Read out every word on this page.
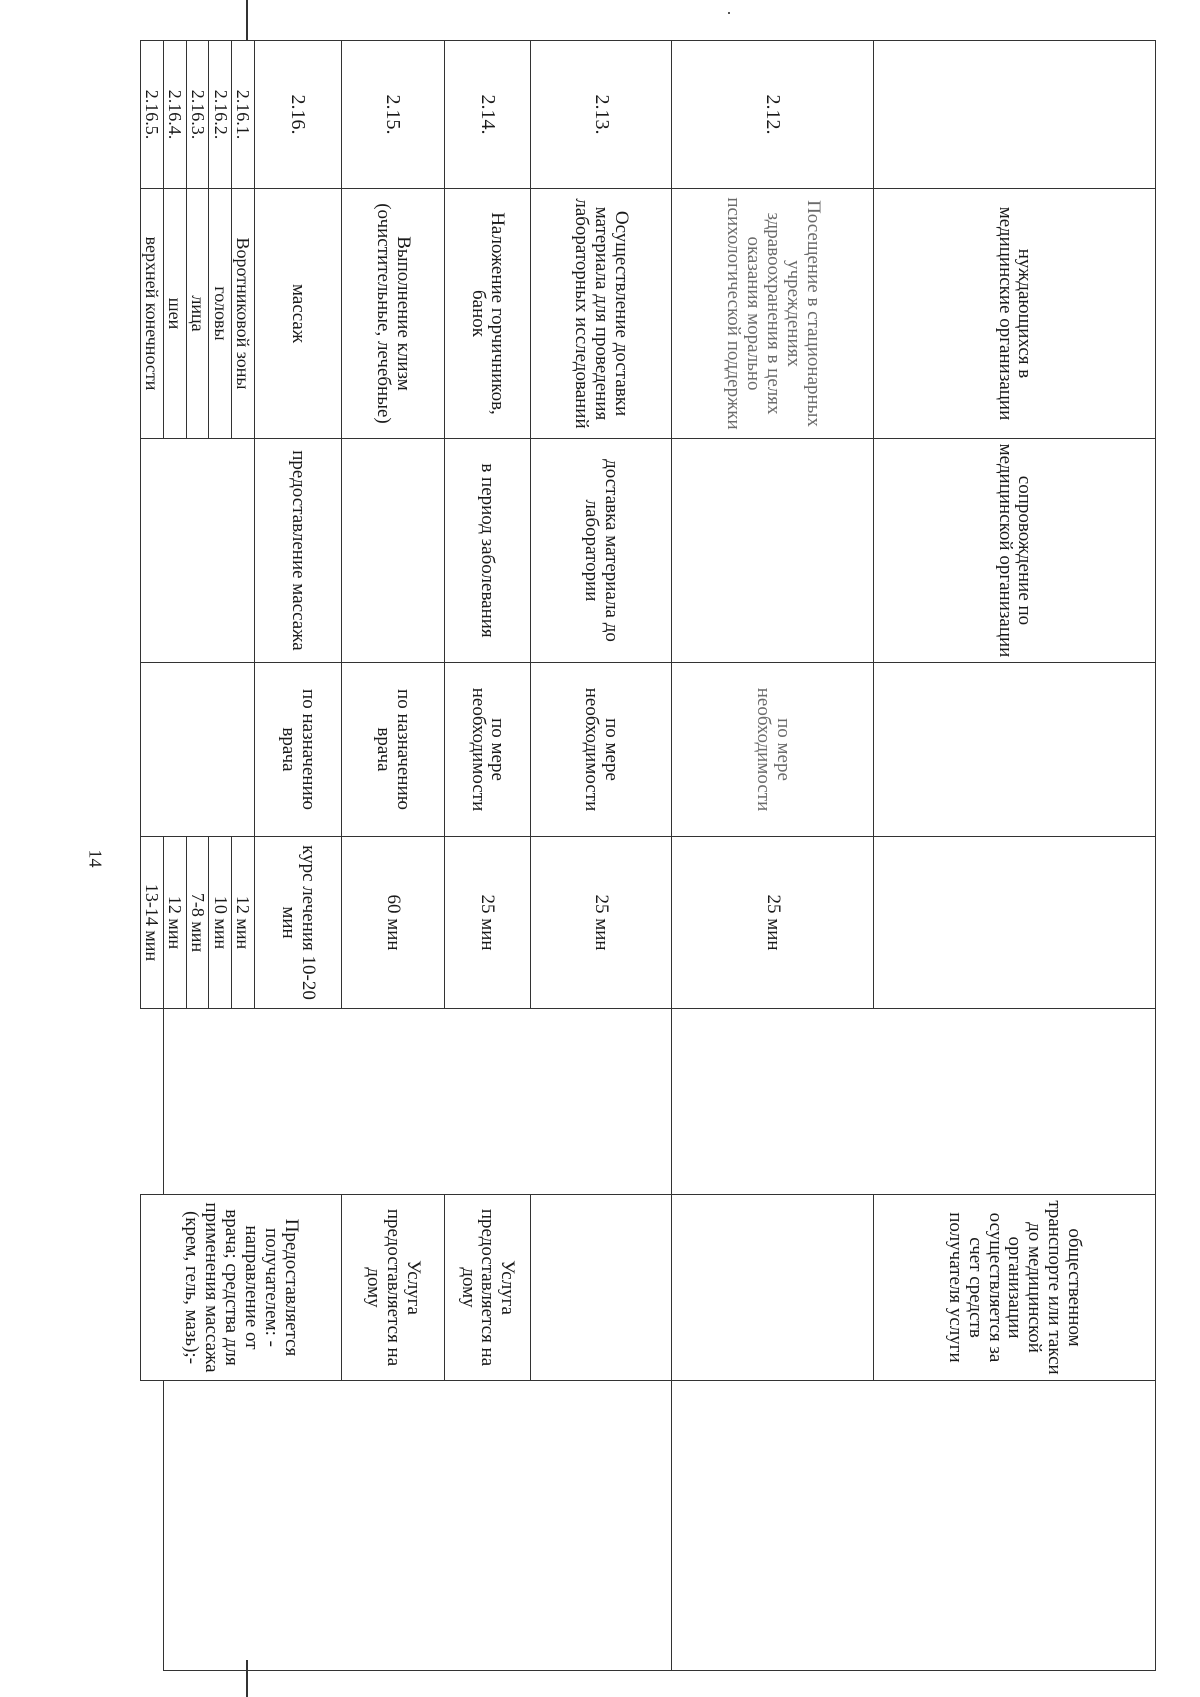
14
	нуждающихся в медицинские организации	сопровождение по медицинской организации				общественном транспорте или такси до медицинской организации осуществляется за счет средств получателя услуги	
2.12.	Посещение в стационарных учреждениях здравоохранения в целях оказания морально психологической поддержки		по мере необходимости	25 мин			
2.13.	Осуществление доставки материала для проведения лабораторных исследований	доставка материала до лаборатории	по мере необходимости	25 мин			
2.14.	Наложение горчичников, банок	в период заболевания	по мере необходимости	25 мин		Услуга предоставляется на дому	
2.15.	Выполнение клизм (очистительные, лечебные)		по назначению врача	60 мин		Услуга предоставляется на дому	
2.16.	массаж	предоставление массажа	по назначению врача	курс лечения 10-20 мин		Предоставляется получателем: - направление от врача; средства для применения массажа (крем, гель, мазь);-	
2.16.1.	Воротниковой зоны			12 мин			
2.16.2.	головы			10 мин			
2.16.3.	лица			7-8 мин			
2.16.4.	шеи			12 мин			
2.16.5.	верхней конечности			13-14 мин			
